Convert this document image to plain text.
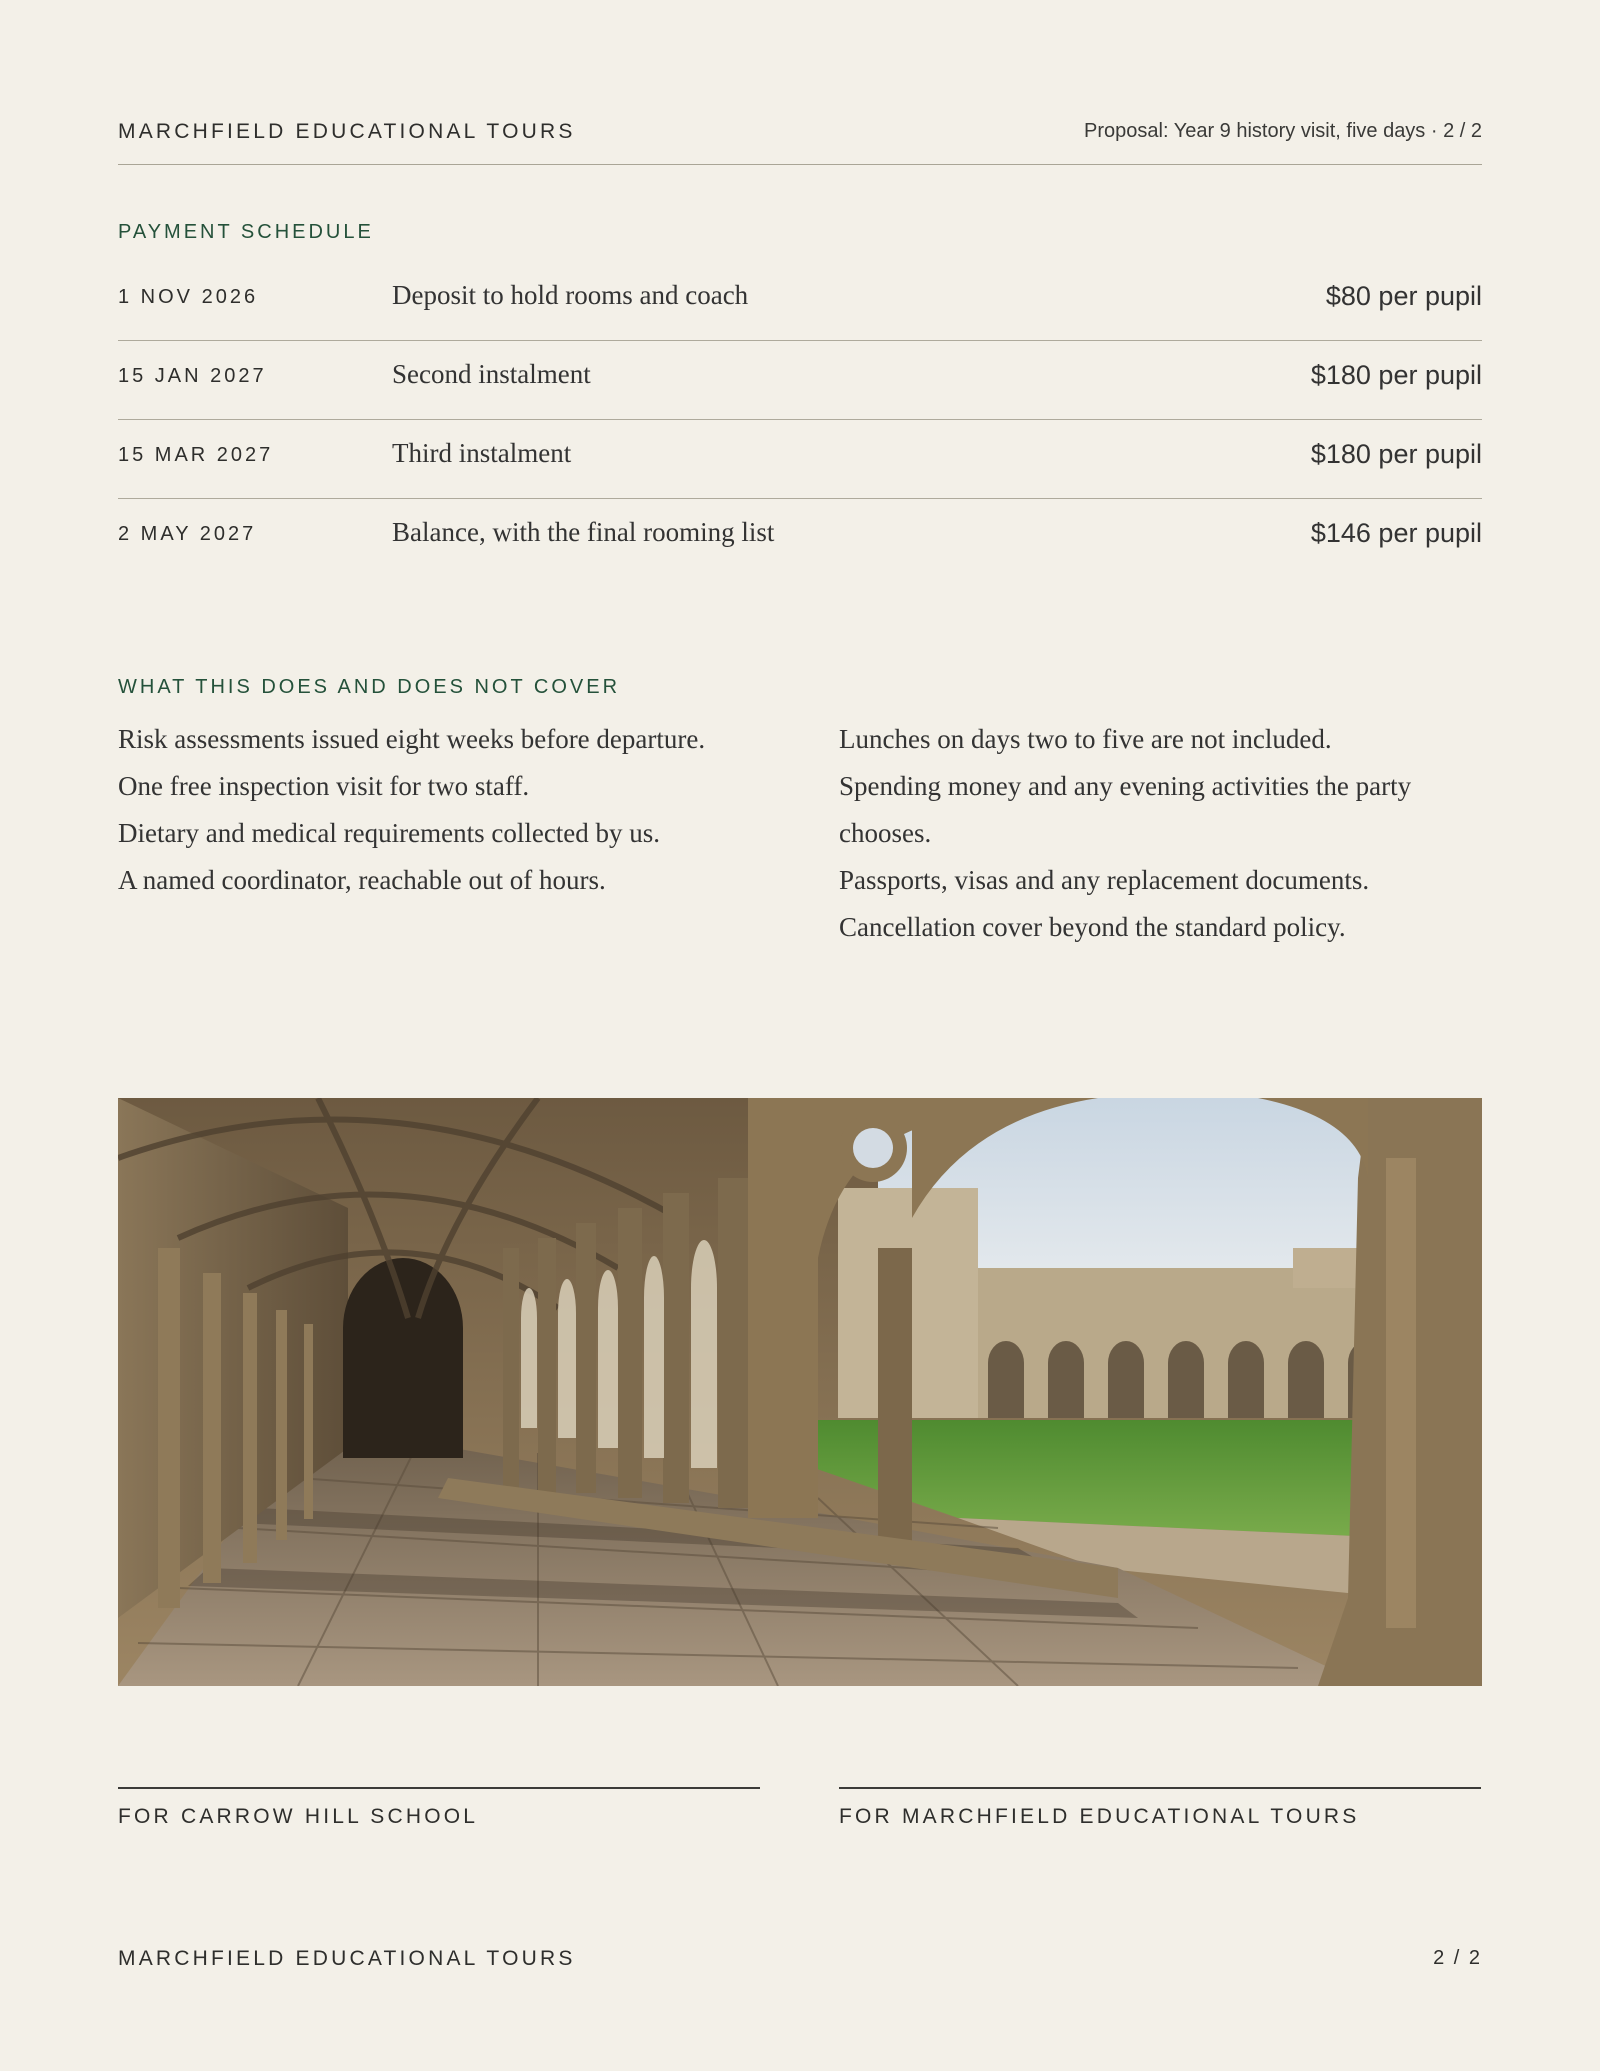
MARCHFIELD EDUCATIONAL TOURS	Proposal: Year 9 history visit, five days · 2 / 2
PAYMENT SCHEDULE
1 NOV 2026	Deposit to hold rooms and coach	$80 per pupil
15 JAN 2027	Second instalment	$180 per pupil
15 MAR 2027	Third instalment	$180 per pupil
2 MAY 2027	Balance, with the final rooming list	$146 per pupil
WHAT THIS DOES AND DOES NOT COVER
Risk assessments issued eight weeks before departure.
One free inspection visit for two staff.
Dietary and medical requirements collected by us.
A named coordinator, reachable out of hours.
Lunches on days two to five are not included.
Spending money and any evening activities the party chooses.
Passports, visas and any replacement documents.
Cancellation cover beyond the standard policy.
FOR CARROW HILL SCHOOL	FOR MARCHFIELD EDUCATIONAL TOURS
MARCHFIELD EDUCATIONAL TOURS	2 / 2
